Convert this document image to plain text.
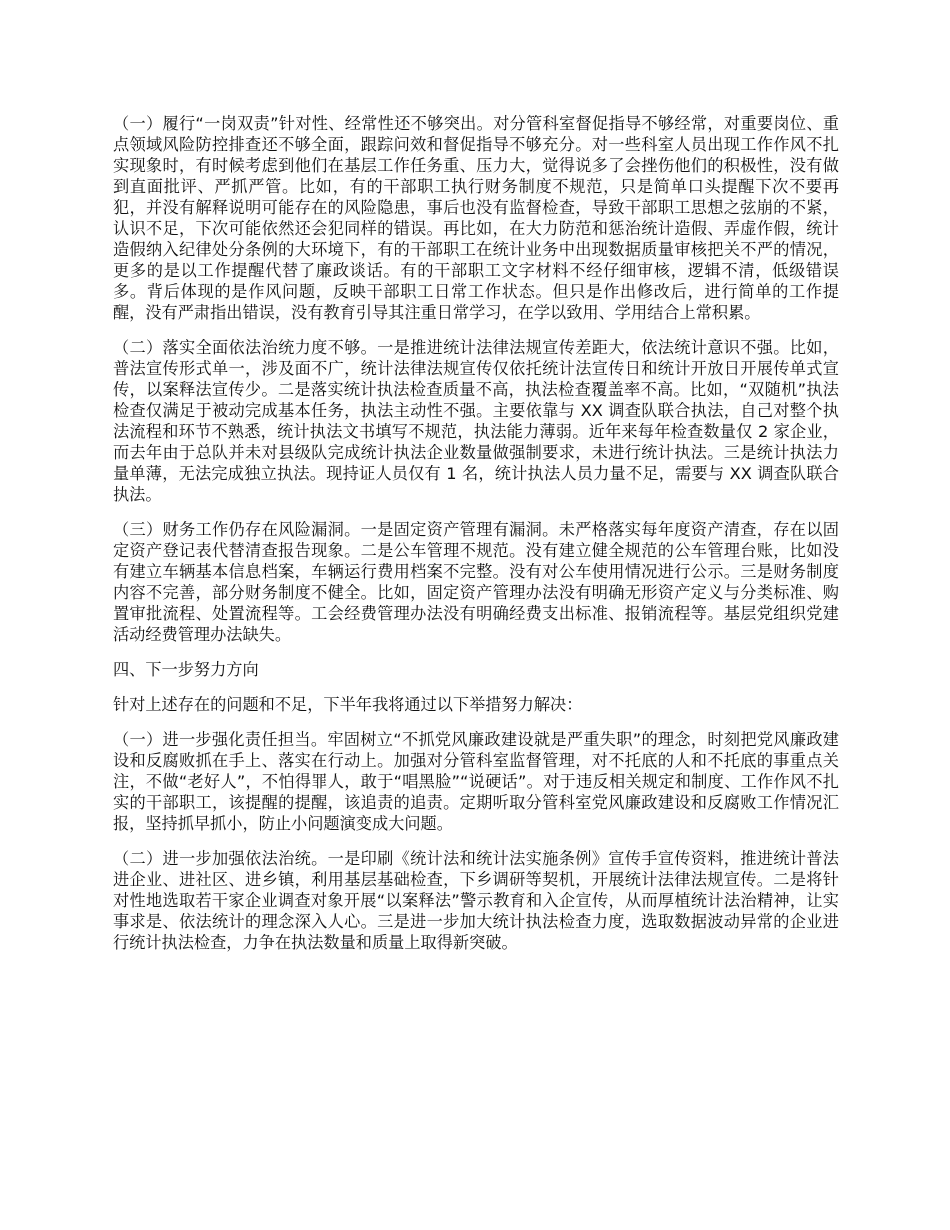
（一）履行“一岗双责”针对性、经常性还不够突出。对分管科室督促指导不够经常，对重要岗位、重点领域风险防控排查还不够全面，跟踪问效和督促指导不够充分。对一些科室人员出现工作作风不扎实现象时，有时候考虑到他们在基层工作任务重、压力大，觉得说多了会挫伤他们的积极性，没有做到直面批评、严抓严管。比如，有的干部职工执行财务制度不规范，只是简单口头提醒下次不要再犯，并没有解释说明可能存在的风险隐患，事后也没有监督检查，导致干部职工思想之弦崩的不紧，认识不足，下次可能依然还会犯同样的错误。再比如，在大力防范和惩治统计造假、弄虚作假，统计造假纳入纪律处分条例的大环境下，有的干部职工在统计业务中出现数据质量审核把关不严的情况，更多的是以工作提醒代替了廉政谈话。有的干部职工文字材料不经仔细审核，逻辑不清，低级错误多。背后体现的是作风问题，反映干部职工日常工作状态。但只是作出修改后，进行简单的工作提醒，没有严肃指出错误，没有教育引导其注重日常学习，在学以致用、学用结合上常积累。

（二）落实全面依法治统力度不够。一是推进统计法律法规宣传差距大，依法统计意识不强。比如，普法宣传形式单一，涉及面不广，统计法律法规宣传仅依托统计法宣传日和统计开放日开展传单式宣传，以案释法宣传少。二是落实统计执法检查质量不高，执法检查覆盖率不高。比如，“双随机”执法检查仅满足于被动完成基本任务，执法主动性不强。主要依靠与 XX 调查队联合执法，自己对整个执法流程和环节不熟悉，统计执法文书填写不规范，执法能力薄弱。近年来每年检查数量仅 2 家企业，而去年由于总队并未对县级队完成统计执法企业数量做强制要求，未进行统计执法。三是统计执法力量单薄，无法完成独立执法。现持证人员仅有 1 名，统计执法人员力量不足，需要与 XX 调查队联合执法。

（三）财务工作仍存在风险漏洞。一是固定资产管理有漏洞。未严格落实每年度资产清查，存在以固定资产登记表代替清查报告现象。二是公车管理不规范。没有建立健全规范的公车管理台账，比如没有建立车辆基本信息档案，车辆运行费用档案不完整。没有对公车使用情况进行公示。三是财务制度内容不完善，部分财务制度不健全。比如，固定资产管理办法没有明确无形资产定义与分类标准、购置审批流程、处置流程等。工会经费管理办法没有明确经费支出标准、报销流程等。基层党组织党建活动经费管理办法缺失。

四、下一步努力方向

针对上述存在的问题和不足，下半年我将通过以下举措努力解决：

（一）进一步强化责任担当。牢固树立“不抓党风廉政建设就是严重失职”的理念，时刻把党风廉政建设和反腐败抓在手上、落实在行动上。加强对分管科室监督管理，对不托底的人和不托底的事重点关注，不做“老好人”，不怕得罪人，敢于“唱黑脸”“说硬话”。对于违反相关规定和制度、工作作风不扎实的干部职工，该提醒的提醒，该追责的追责。定期听取分管科室党风廉政建设和反腐败工作情况汇报，坚持抓早抓小，防止小问题演变成大问题。

（二）进一步加强依法治统。一是印刷《统计法和统计法实施条例》宣传手宣传资料，推进统计普法进企业、进社区、进乡镇，利用基层基础检查，下乡调研等契机，开展统计法律法规宣传。二是将针对性地选取若干家企业调查对象开展“以案释法”警示教育和入企宣传，从而厚植统计法治精神，让实事求是、依法统计的理念深入人心。三是进一步加大统计执法检查力度，选取数据波动异常的企业进行统计执法检查，力争在执法数量和质量上取得新突破。
